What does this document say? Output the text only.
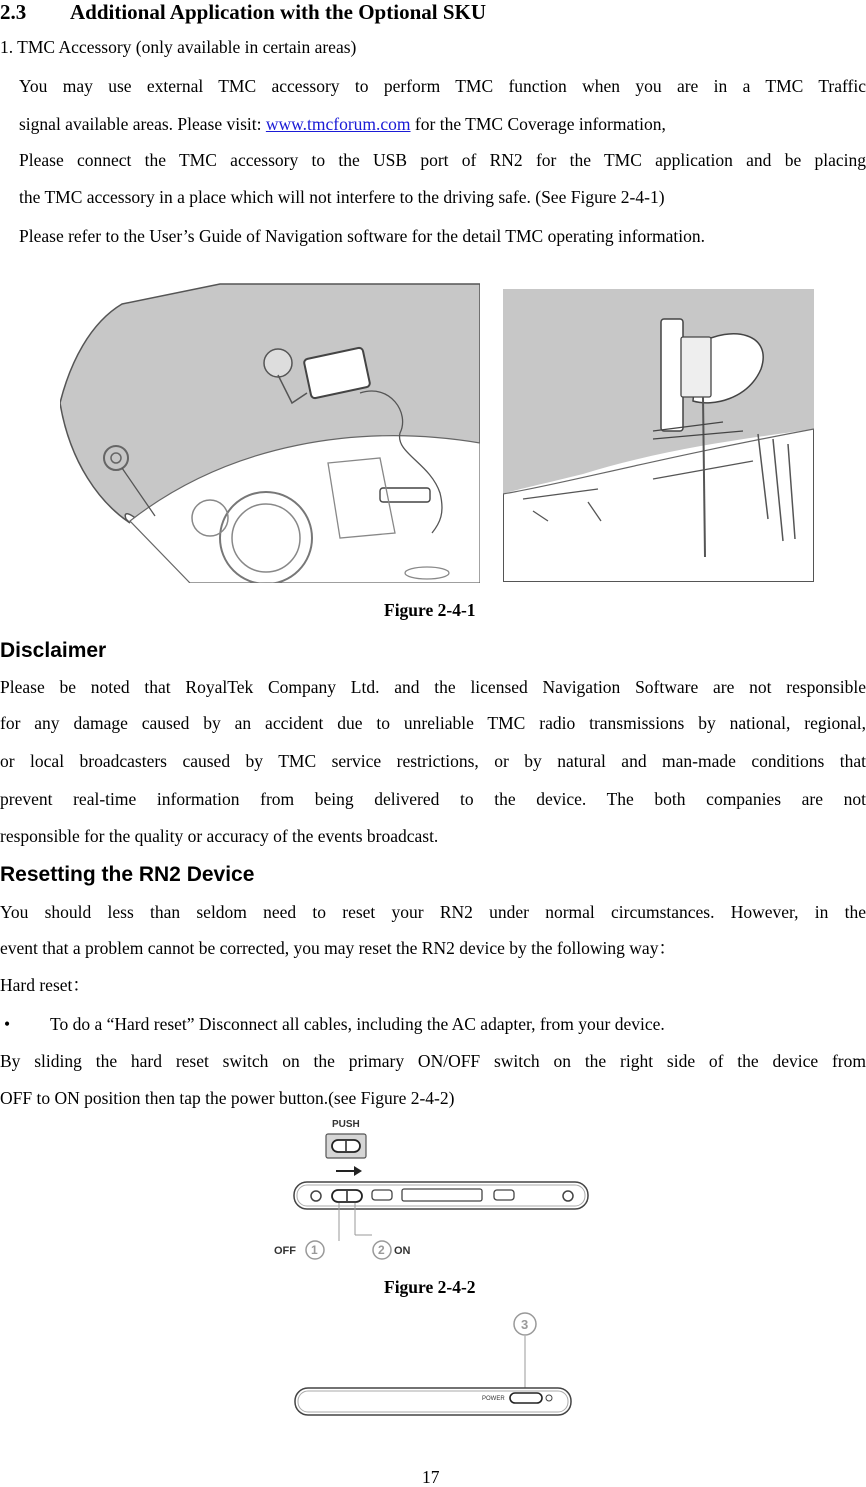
2.3 Additional Application with the Optional SKU
1. TMC Accessory (only available in certain areas)
You may use external TMC accessory to perform TMC function when you are in a TMC Traffic
signal available areas. Please visit: www.tmcforum.com for the TMC Coverage information,
Please connect the TMC accessory to the USB port of RN2 for the TMC application and be placing
the TMC accessory in a place which will not interfere to the driving safe. (See Figure 2-4-1)
Please refer to the User’s Guide of Navigation software for the detail TMC operating information.
Figure 2-4-1
Disclaimer
Please be noted that RoyalTek Company Ltd. and the licensed Navigation Software are not responsible
for any damage caused by an accident due to unreliable TMC radio transmissions by national, regional,
or local broadcasters caused by TMC service restrictions, or by natural and man-made conditions that
prevent real-time information from being delivered to the device. The both companies are not
responsible for the quality or accuracy of the events broadcast.
Resetting the RN2 Device
You should less than seldom need to reset your RN2 under normal circumstances. However, in the
event that a problem cannot be corrected, you may reset the RN2 device by the following way：
Hard reset：
• To do a “Hard reset” Disconnect all cables, including the AC adapter, from your device.
By sliding the hard reset switch on the primary ON/OFF switch on the right side of the device from
OFF to ON position then tap the power button.(see Figure 2-4-2)
PUSH
OFF 1	2 ON
Figure 2-4-2
3
POWER
17
